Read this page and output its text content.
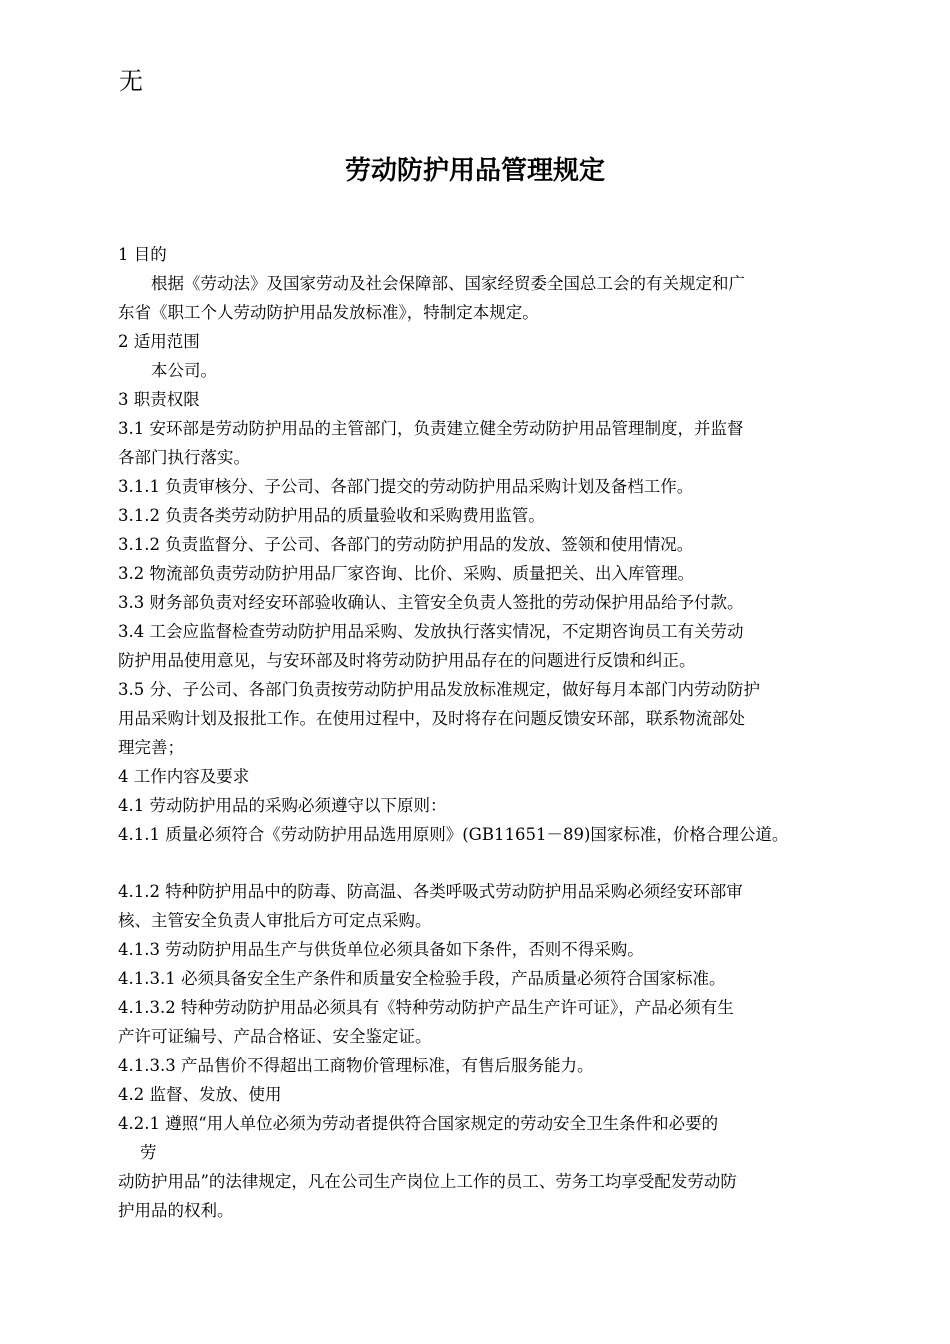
无
劳动防护用品管理规定

1 目的

根据《劳动法》及国家劳动及社会保障部、国家经贸委全国总工会的有关规定和广

东省《职工个人劳动防护用品发放标准》，特制定本规定。

2 适用范围

本公司。

3 职责权限

3.1 安环部是劳动防护用品的主管部门，负责建立健全劳动防护用品管理制度，并监督

各部门执行落实。

3.1.1 负责审核分、子公司、各部门提交的劳动防护用品采购计划及备档工作。

3.1.2 负责各类劳动防护用品的质量验收和采购费用监管。

3.1.2 负责监督分、子公司、各部门的劳动防护用品的发放、签领和使用情况。

3.2 物流部负责劳动防护用品厂家咨询、比价、采购、质量把关、出入库管理。

3.3 财务部负责对经安环部验收确认、主管安全负责人签批的劳动保护用品给予付款。

3.4 工会应监督检查劳动防护用品采购、发放执行落实情况，不定期咨询员工有关劳动

防护用品使用意见，与安环部及时将劳动防护用品存在的问题进行反馈和纠正。

3.5 分、子公司、各部门负责按劳动防护用品发放标准规定，做好每月本部门内劳动防护

用品采购计划及报批工作。在使用过程中，及时将存在问题反馈安环部，联系物流部处

理完善；

4 工作内容及要求

4.1 劳动防护用品的采购必须遵守以下原则：

4.1.1 质量必须符合《劳动防护用品选用原则》(GB11651－89)国家标准，价格合理公道。

4.1.2 特种防护用品中的防毒、防高温、各类呼吸式劳动防护用品采购必须经安环部审

核、主管安全负责人审批后方可定点采购。

4.1.3 劳动防护用品生产与供货单位必须具备如下条件，否则不得采购。

4.1.3.1 必须具备安全生产条件和质量安全检验手段，产品质量必须符合国家标准。

4.1.3.2 特种劳动防护用品必须具有《特种劳动防护产品生产许可证》，产品必须有生

产许可证编号、产品合格证、安全鉴定证。

4.1.3.3 产品售价不得超出工商物价管理标准，有售后服务能力。

4.2 监督、发放、使用

4.2.1 遵照“用人单位必须为劳动者提供符合国家规定的劳动安全卫生条件和必要的

劳

动防护用品”的法律规定，凡在公司生产岗位上工作的员工、劳务工均享受配发劳动防

护用品的权利。
